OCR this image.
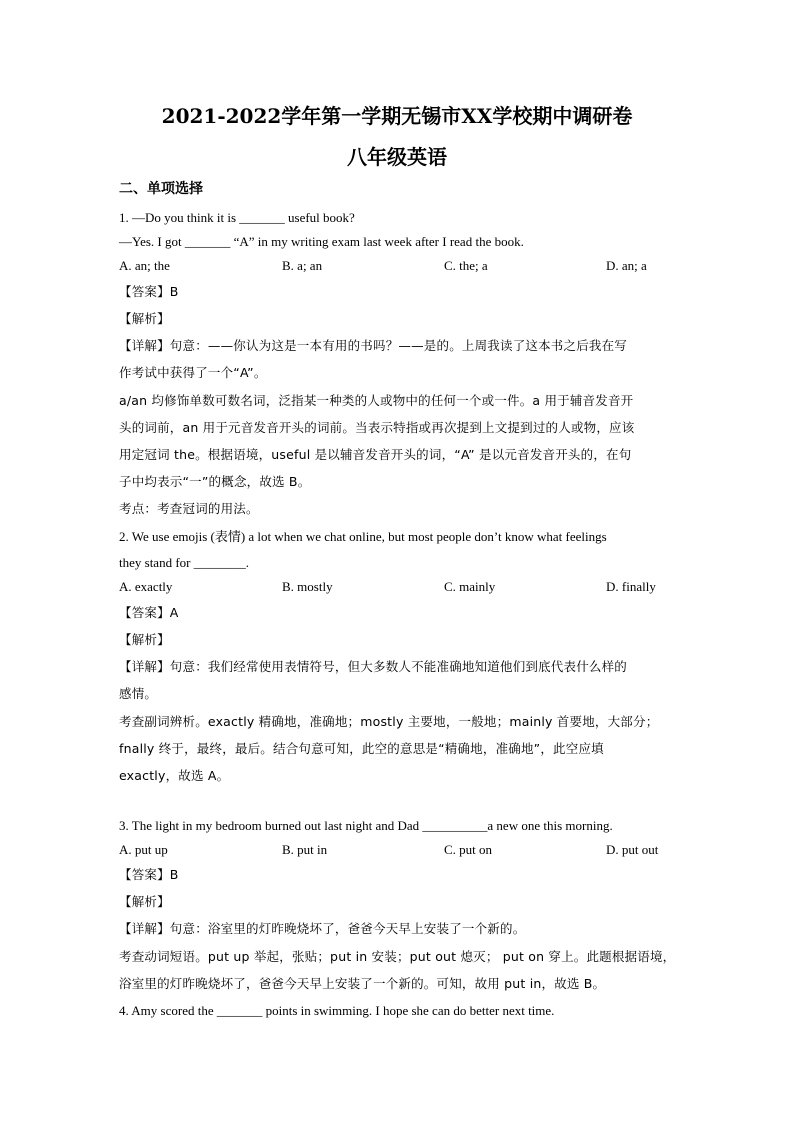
2021-2022学年第一学期无锡市XX学校期中调研卷
八年级英语
二、单项选择
1. —Do you think it is _______ useful book?
—Yes. I got _______ “A” in my writing exam last week after I read the book.
A. an; the	B. a; an	C. the; a	D. an; a
【答案】B
【解析】
【详解】句意：——你认为这是一本有用的书吗？——是的。上周我读了这本书之后我在写
作考试中获得了一个“A”。
a/an 均修饰单数可数名词，泛指某一种类的人或物中的任何一个或一件。a 用于辅音发音开
头的词前，an 用于元音发音开头的词前。当表示特指或再次提到上文提到过的人或物，应该
用定冠词 the。根据语境，useful 是以辅音发音开头的词，“A” 是以元音发音开头的，在句
子中均表示“一”的概念，故选 B。
考点：考查冠词的用法。
2. We use emojis (表情) a lot when we chat online, but most people don’t know what feelings
they stand for ________.
A. exactly	B. mostly	C. mainly	D. finally
【答案】A
【解析】
【详解】句意：我们经常使用表情符号，但大多数人不能准确地知道他们到底代表什么样的
感情。
考查副词辨析。exactly 精确地，准确地；mostly 主要地，一般地；mainly 首要地，大部分；
fnally 终于，最终，最后。结合句意可知，此空的意思是“精确地，准确地”，此空应填
exactly，故选 A。
3. The light in my bedroom burned out last night and Dad __________a new one this morning.
A. put up	B. put in	C. put on	D. put out
【答案】B
【解析】
【详解】句意：浴室里的灯昨晚烧坏了，爸爸今天早上安装了一个新的。
考查动词短语。put up 举起，张贴；put in 安装；put out 熄灭； put on 穿上。此题根据语境，
浴室里的灯昨晚烧坏了，爸爸今天早上安装了一个新的。可知，故用 put in，故选 B。
4. Amy scored the _______ points in swimming. I hope she can do better next time.
